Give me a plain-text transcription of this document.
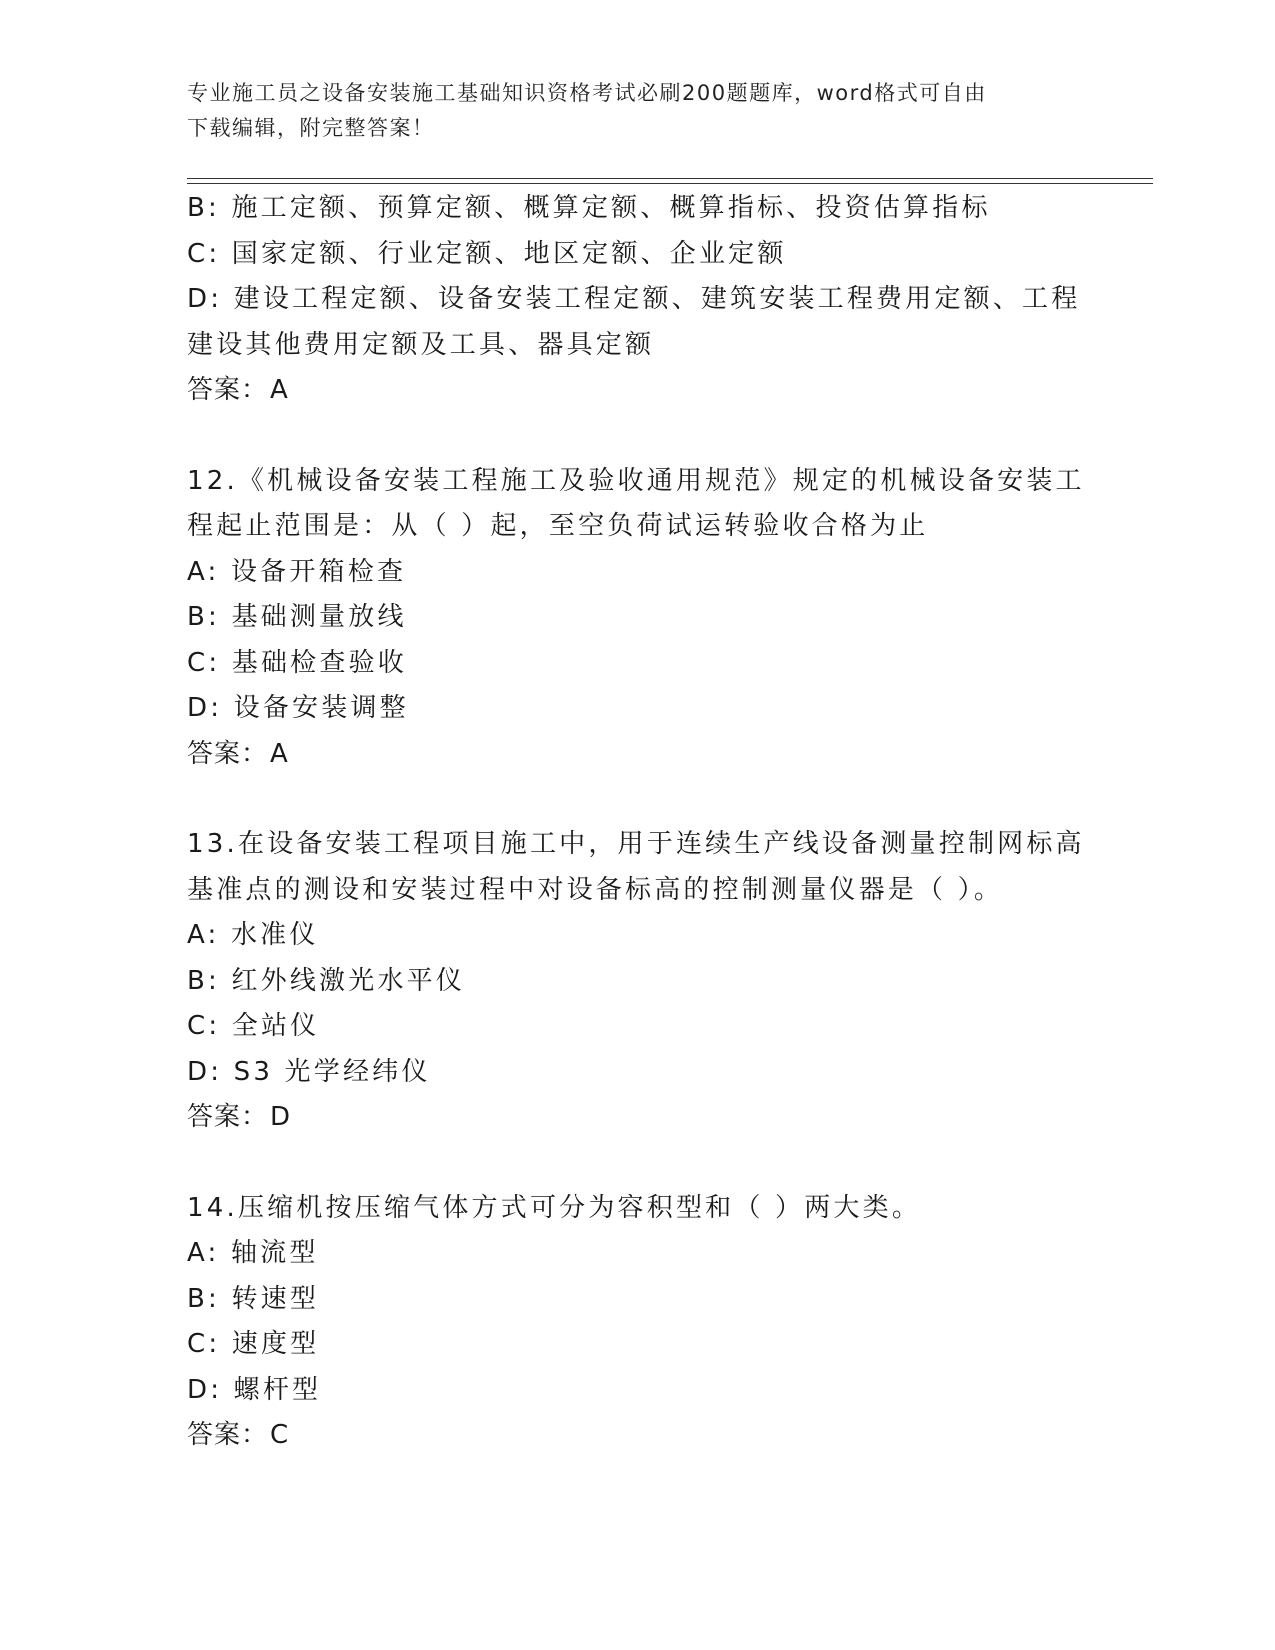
专业施工员之设备安装施工基础知识资格考试必刷200题题库，word格式可自由
下载编辑，附完整答案！
B: 施工定额、预算定额、概算定额、概算指标、投资估算指标
C: 国家定额、行业定额、地区定额、企业定额
D: 建设工程定额、设备安装工程定额、建筑安装工程费用定额、工程
建设其他费用定额及工具、器具定额
答案：A
12.《机械设备安装工程施工及验收通用规范》规定的机械设备安装工
程起止范围是：从（ ）起，至空负荷试运转验收合格为止
A: 设备开箱检查
B: 基础测量放线
C: 基础检查验收
D: 设备安装调整
答案：A
13.在设备安装工程项目施工中，用于连续生产线设备测量控制网标高
基准点的测设和安装过程中对设备标高的控制测量仪器是（ ）。
A: 水准仪
B: 红外线激光水平仪
C: 全站仪
D: S3 光学经纬仪
答案：D
14.压缩机按压缩气体方式可分为容积型和（ ）两大类。
A: 轴流型
B: 转速型
C: 速度型
D: 螺杆型
答案：C
